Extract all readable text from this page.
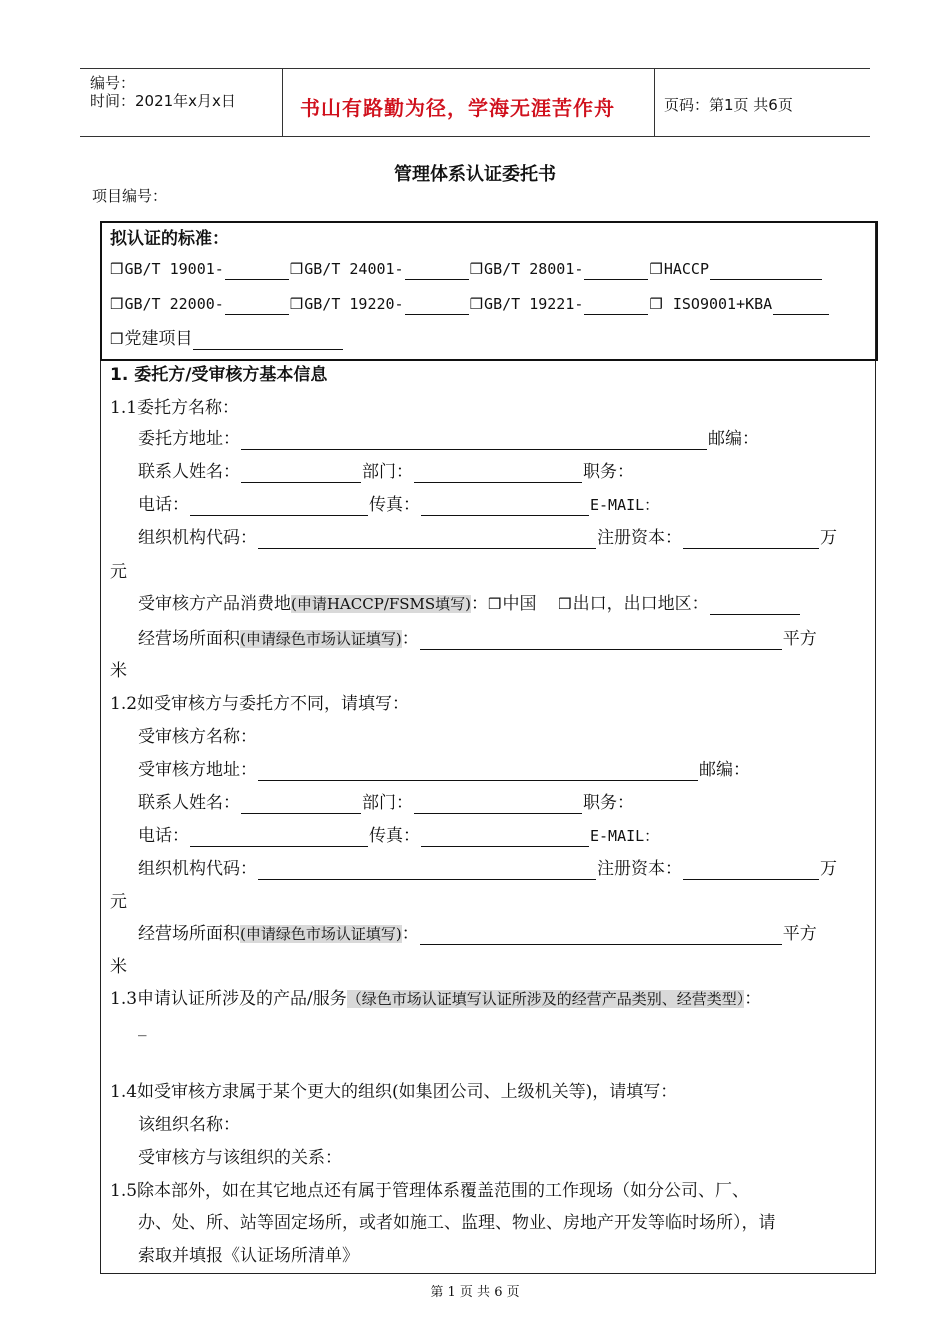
编号：
时间：2021年x月x日	书山有路勤为径，学海无涯苦作舟	页码：第1页 共6页
管理体系认证委托书
项目编号：
拟认证的标准：
❒GB/T 19001-	❒GB/T 24001-	❒GB/T 28001-	❒HACCP
❒GB/T 22000-	❒GB/T 19220-	❒GB/T 19221-	❒ ISO9001+KBA
❒党建项目
1. 委托方/受审核方基本信息
1.1委托方名称：
委托方地址：	邮编：
联系人姓名：	部门：	职务：
电话：	传真：	E-MAIL：
组织机构代码：	注册资本：	万
元
受审核方产品消费地(申请HACCP/FSMS填写)：❒中国 ❒出口，出口地区：
经营场所面积(申请绿色市场认证填写)：	平方
米
1.2如受审核方与委托方不同，请填写：
受审核方名称：
受审核方地址：	邮编：
联系人姓名：	部门：	职务：
电话：	传真：	E-MAIL：
组织机构代码：	注册资本：	万
元
经营场所面积(申请绿色市场认证填写)：	平方
米
1.3申请认证所涉及的产品/服务（绿色市场认证填写认证所涉及的经营产品类别、经营类型）：
_
1.4如受审核方隶属于某个更大的组织(如集团公司、上级机关等)，请填写：
该组织名称：
受审核方与该组织的关系：
1.5除本部外，如在其它地点还有属于管理体系覆盖范围的工作现场（如分公司、厂、
办、处、所、站等固定场所，或者如施工、监理、物业、房地产开发等临时场所），请
索取并填报《认证场所清单》
第 1 页 共 6 页
